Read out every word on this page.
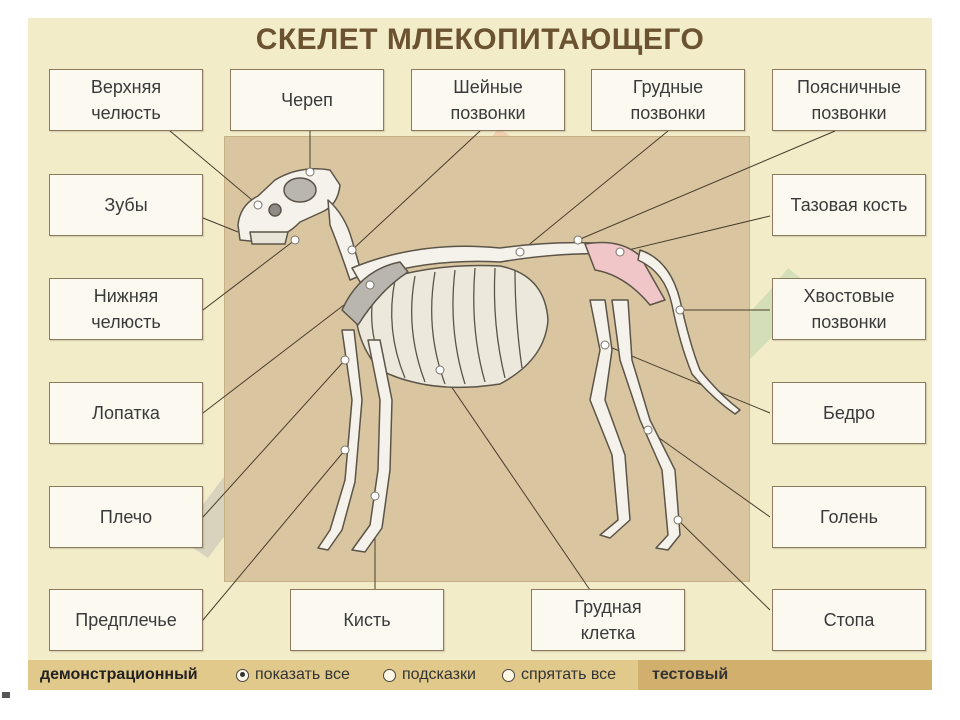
СКЕЛЕТ МЛЕКОПИТАЮЩЕГО
Верхняя
челюсть
Череп
Шейные
позвонки
Грудные
позвонки
Поясничные
позвонки
Зубы	Тазовая кость
Нижняя
челюсть
Хвостовые
позвонки
Лопатка	Бедро
Плечо	Голень
Предплечье	Кисть
Грудная
клетка
Стопа
демонстрационный	показать все	подсказки	спрятать все	тестовый
